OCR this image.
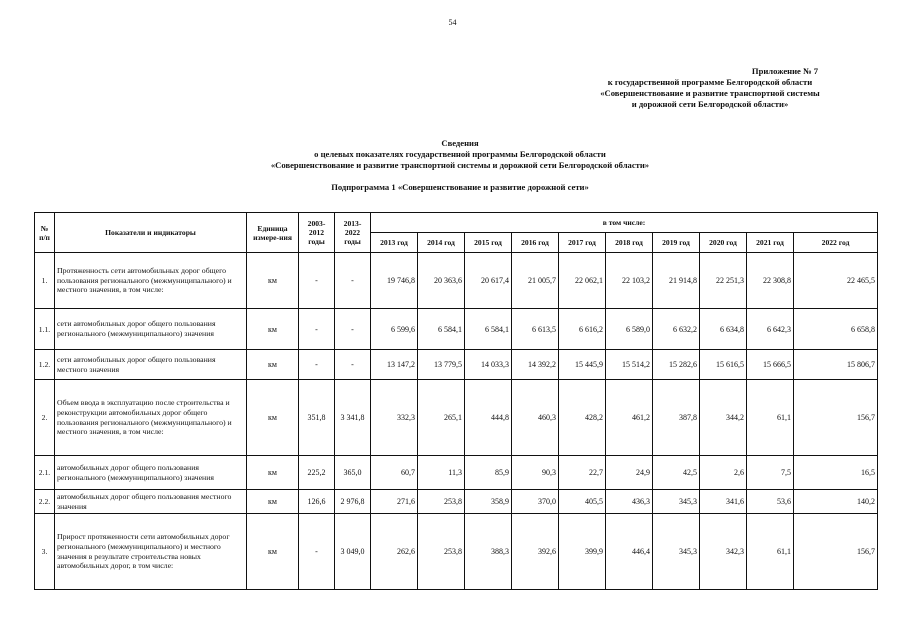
54
Приложение № 7
к государственной программе Белгородской области
«Совершенствование и развитие транспортной системы
и дорожной сети Белгородской области»
Сведения
о целевых показателях государственной программы Белгородской области
«Совершенствование и развитие транспортной системы и дорожной сети Белгородской области»
Подпрограмма 1 «Совершенствование и развитие дорожной сети»
№ п/п	Показатели и индикаторы	Единица измере-ния	2003-2012 годы	2013-2022 годы	в том числе:									
					2013 год	2014 год	2015 год	2016 год	2017 год	2018 год	2019 год	2020 год	2021 год	2022 год
1.	Протяженность сети автомобильных дорог общего пользования регионального (межмуниципального) и местного значения, в том числе:	км	-	-	19 746,8	20 363,6	20 617,4	21 005,7	22 062,1	22 103,2	21 914,8	22 251,3	22 308,8	22 465,5
1.1.	сети автомобильных дорог общего пользования регионального (межмуниципального) значения	км	-	-	6 599,6	6 584,1	6 584,1	6 613,5	6 616,2	6 589,0	6 632,2	6 634,8	6 642,3	6 658,8
1.2.	сети автомобильных дорог общего пользования местного значения	км	-	-	13 147,2	13 779,5	14 033,3	14 392,2	15 445,9	15 514,2	15 282,6	15 616,5	15 666,5	15 806,7
2.	Объем ввода в эксплуатацию после строительства и реконструкции автомобильных дорог общего пользования регионального (межмуниципального) и местного значения, в том числе:	км	351,8	3 341,8	332,3	265,1	444,8	460,3	428,2	461,2	387,8	344,2	61,1	156,7
2.1.	автомобильных дорог общего пользования регионального (межмуниципального) значения	км	225,2	365,0	60,7	11,3	85,9	90,3	22,7	24,9	42,5	2,6	7,5	16,5
2.2.	автомобильных дорог общего пользования местного значения	км	126,6	2 976,8	271,6	253,8	358,9	370,0	405,5	436,3	345,3	341,6	53,6	140,2
3.	Прирост протяженности сети автомобильных дорог регионального (межмуниципального) и местного значения в результате строительства новых автомобильных дорог, в том числе:	км	-	3 049,0	262,6	253,8	388,3	392,6	399,9	446,4	345,3	342,3	61,1	156,7
